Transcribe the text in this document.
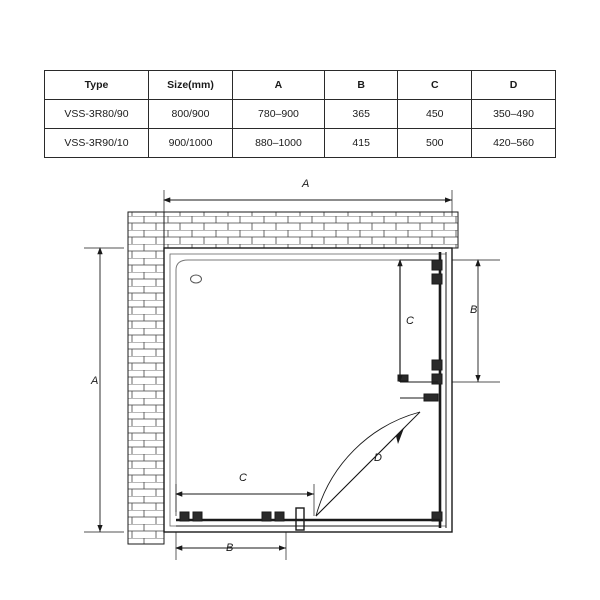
Type	Size(mm)	A	B	C	D
VSS-3R80/90	800/900	780–900	365	450	350–490
VSS-3R90/10	900/1000	880–1000	415	500	420–560
A
A
B
C
C
B
D
